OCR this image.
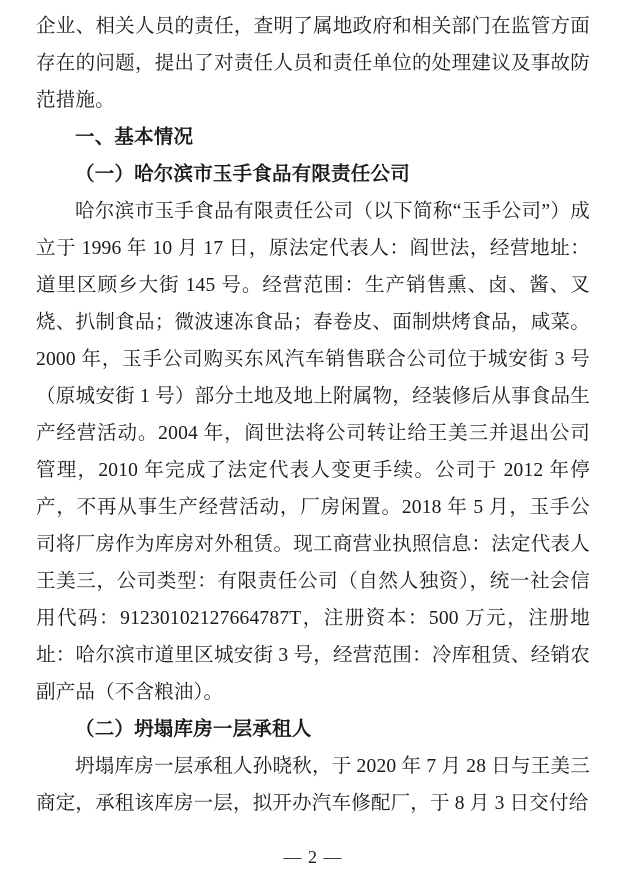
企业、相关人员的责任，查明了属地政府和相关部门在监管方面存在的问题，提出了对责任人员和责任单位的处理建议及事故防范措施。

一、基本情况

（一）哈尔滨市玉手食品有限责任公司

哈尔滨市玉手食品有限责任公司（以下简称“玉手公司”）成立于 1996 年 10 月 17 日，原法定代表人：阎世法，经营地址：道里区顾乡大街 145 号。经营范围：生产销售熏、卤、酱、叉烧、扒制食品；微波速冻食品；春卷皮、面制烘烤食品，咸菜。2000 年，玉手公司购买东风汽车销售联合公司位于城安街 3 号（原城安街 1 号）部分土地及地上附属物，经装修后从事食品生产经营活动。2004 年，阎世法将公司转让给王美三并退出公司管理，2010 年完成了法定代表人变更手续。公司于 2012 年停产，不再从事生产经营活动，厂房闲置。2018 年 5 月，玉手公司将厂房作为库房对外租赁。现工商营业执照信息：法定代表人王美三，公司类型：有限责任公司（自然人独资），统一社会信用代码：91230102127664787T，注册资本：500 万元，注册地址：哈尔滨市道里区城安街 3 号，经营范围：冷库租赁、经销农副产品（不含粮油）。

（二）坍塌库房一层承租人

坍塌库房一层承租人孙晓秋，于 2020 年 7 月 28 日与王美三商定，承租该库房一层，拟开办汽车修配厂，于 8 月 3 日交付给

— 2 —
